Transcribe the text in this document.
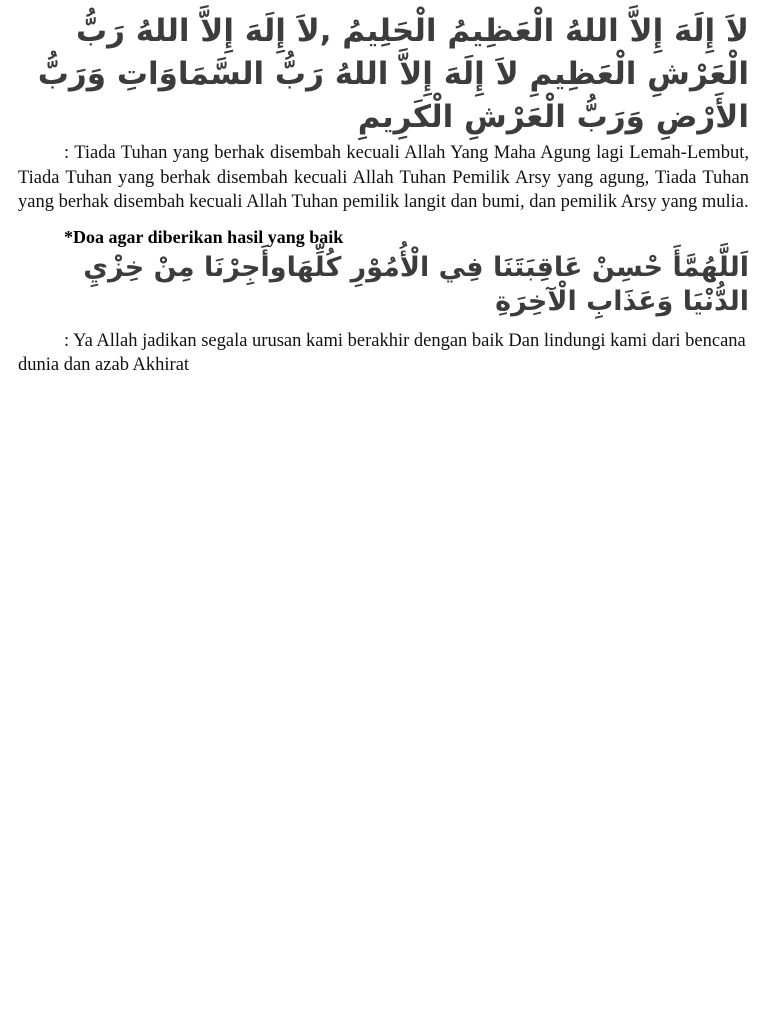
لاَ إِلَهَ إِلاَّ اللهُ الْعَظِيمُ الْحَلِيمُ ,لاَ إِلَهَ إِلاَّ اللهُ رَبُّ الْعَرْشِ الْعَظِيمِ لاَ إِلَهَ إِلاَّ اللهُ رَبُّ السَّمَاوَاتِ وَرَبُّ الأَرْضِ وَرَبُّ الْعَرْشِ الْكَرِيمِ

: Tiada Tuhan yang berhak disembah kecuali Allah Yang Maha Agung lagi Lemah-Lembut, Tiada Tuhan yang berhak disembah kecuali Allah Tuhan Pemilik Arsy yang agung, Tiada Tuhan yang berhak disembah kecuali Allah Tuhan pemilik langit dan bumi, dan pemilik Arsy yang mulia.

*Doa agar diberikan hasil yang baik

اَللَّهُمَّأَ حْسِنْ عَاقِبَتَنَا فِي الْأُمُوْرِ كُلِّهَاوأَجِرْنَا مِنْ خِزْيِ الدُّنْيَا وَعَذَابِ الْآخِرَةِ

: Ya Allah jadikan segala urusan kami berakhir dengan baik Dan lindungi kami dari bencana dunia dan azab Akhirat
